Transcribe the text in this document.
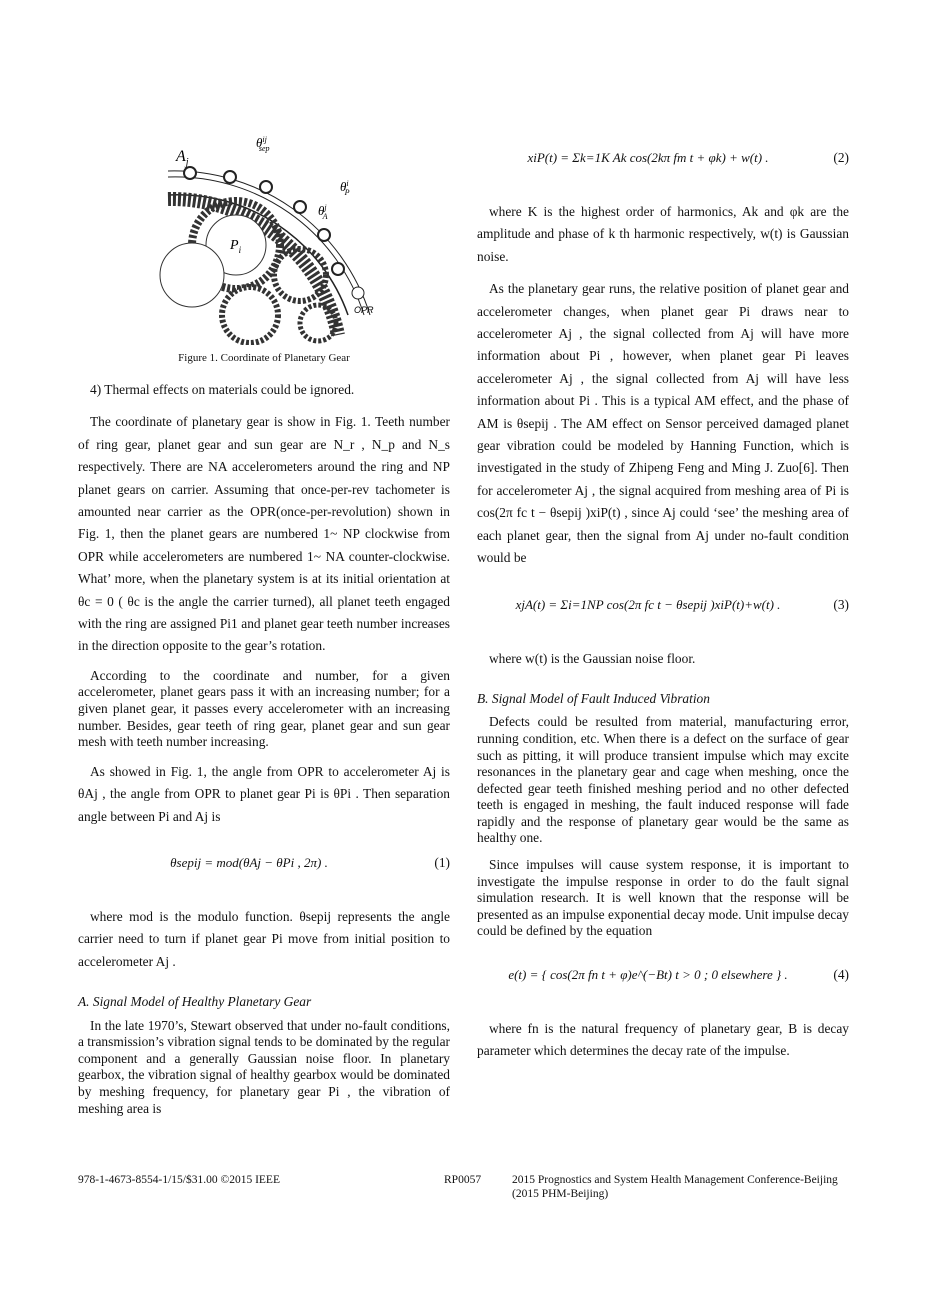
$A_j$
$\theta^{ij}$ sep
$\theta^i$ P
$\theta^j$ A
$P_i$
OPR
Figure 1. Coordinate of Planetary Gear
4) Thermal effects on materials could be ignored.

The coordinate of planetary gear is show in Fig. 1. Teeth number of ring gear, planet gear and sun gear are N_r , N_p and N_s respectively. There are NA accelerometers around the ring and NP planet gears on carrier. Assuming that once-per-rev tachometer is amounted near carrier as the OPR(once-per-revolution) shown in Fig. 1, then the planet gears are numbered 1~ NP clockwise from OPR while accelerometers are numbered 1~ NA counter-clockwise. What’ more, when the planetary system is at its initial orientation at θc = 0 ( θc is the angle the carrier turned), all planet teeth engaged with the ring are assigned Pi1 and planet gear teeth number increases in the direction opposite to the gear’s rotation.

According to the coordinate and number, for a given accelerometer, planet gears pass it with an increasing number; for a given planet gear, it passes every accelerometer with an increasing number. Besides, gear teeth of ring gear, planet gear and sun gear mesh with teeth number increasing.

As showed in Fig. 1, the angle from OPR to accelerometer Aj is θAj , the angle from OPR to planet gear Pi is θPi . Then separation angle between Pi and Aj is

θsepij = mod(θAj − θPi , 2π) .	(1)

where mod is the modulo function. θsepij represents the angle carrier need to turn if planet gear Pi move from initial position to accelerometer Aj .

A. Signal Model of Healthy Planetary Gear

In the late 1970’s, Stewart observed that under no-fault conditions, a transmission’s vibration signal tends to be dominated by the regular component and a generally Gaussian noise floor. In planetary gearbox, the vibration signal of healthy gearbox would be dominated by meshing frequency, for planetary gear Pi , the vibration of meshing area is

xiP(t) = Σk=1K Ak cos(2kπ fm t + φk) + w(t) .	(2)

where K is the highest order of harmonics, Ak and φk are the amplitude and phase of k th harmonic respectively, w(t) is Gaussian noise.

As the planetary gear runs, the relative position of planet gear and accelerometer changes, when planet gear Pi draws near to accelerometer Aj , the signal collected from Aj will have more information about Pi , however, when planet gear Pi leaves accelerometer Aj , the signal collected from Aj will have less information about Pi . This is a typical AM effect, and the phase of AM is θsepij . The AM effect on Sensor perceived damaged planet gear vibration could be modeled by Hanning Function, which is investigated in the study of Zhipeng Feng and Ming J. Zuo[6]. Then for accelerometer Aj , the signal acquired from meshing area of Pi is cos(2π fc t − θsepij )xiP(t) , since Aj could ‘see’ the meshing area of each planet gear, then the signal from Aj under no-fault condition would be

xjA(t) = Σi=1NP cos(2π fc t − θsepij )xiP(t)+w(t) .	(3)

where w(t) is the Gaussian noise floor.

B. Signal Model of Fault Induced Vibration

Defects could be resulted from material, manufacturing error, running condition, etc. When there is a defect on the surface of gear such as pitting, it will produce transient impulse which may excite resonances in the planetary gear and cage when meshing, once the defected gear teeth finished meshing period and no other defected teeth is engaged in meshing, the fault induced response will fade rapidly and the response of planetary gear would be the same as healthy one.

Since impulses will cause system response, it is important to investigate the impulse response in order to do the fault signal simulation research. It is well known that the response will be presented as an impulse exponential decay mode. Unit impulse decay could be defined by the equation

e(t) = { cos(2π fn t + φ)e^(−Bt) t > 0 ; 0 elsewhere } .	(4)

where fn is the natural frequency of planetary gear, B is decay parameter which determines the decay rate of the impulse.

978-1-4673-8554-1/15/$31.00 ©2015 IEEE	RP0057	2015 Prognostics and System Health Management Conference-Beijing (2015 PHM-Beijing)
